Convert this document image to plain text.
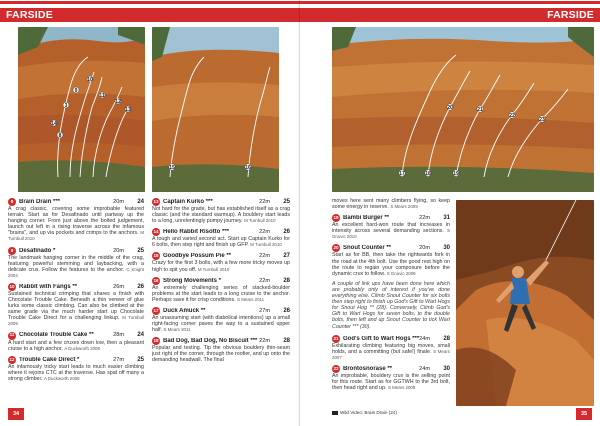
FARSIDE
3
9
10
11
12
13
14
8
15	16
8 Brain Drain ***	20m	24
A crag classic, covering some improbable featured terrain. Start as for Desafinado until partway up the hanging corner. From just above the bolted judgement, launch out left in a rising traverse across the infamous "brains", and up via pockets and crimps to the anchors. M Turnbull 2010
9 Desafinado *	20m	25
The landmark hanging corner in the middle of the crag, featuring powerful stemming and laybacking, with a delicate crux. Follow the features to the anchor. C Knight 2004
10 Rabbit with Fangs **	26m	26
Sustained technical crimping that shares a finish with Chocolate Trouble Cake. Beneath a thin veneer of glue lurks some classic climbing. Can also be climbed at the same grade via the much harder start up Chocolate Trouble Cake Direct for a challenging linkup. M Turnbull 2009
11 Chocolate Trouble Cake **	28m	24
A hard start and a few cruxes down low, then a pleasant cruise to a high anchor. A Duckworth 2008
12 Trouble Cake Direct *	27m	25
An infamously tricky start leads to much easier climbing where it rejoins CTC at the traverse. Has spat off many a strong climber. A Duckworth 2008
13 Captain Kurko ***	22m	25
Not hard for the grade, but has established itself as a crag classic (and the standard warmup). A bouldery start leads to a long, unrelentingly pumpy journey. M Turnbull 2010
14 Hello Rabbit Risotto ***	22m	26
A tough and varied second act. Start up Captain Kurko for 6 bolts, then step right and finish up GFP. M Turnbull 2010
15 Goodbye Possum Pie **	22m	27
Crazy for the first 3 bolts, with a few more tricky moves up high to spit you off. M Turnbull 2010
16 Strong Movements *	22m	28
An extremely challenging series of stacked-boulder problems at the start leads to a long cruise to the anchor. Perhaps save it for crisp conditions. S Mears 2011
17 Duck Amuck **	27m	26
An unassuming start (with diabolical intentions) up a small right-facing corner paves the way to a sustained upper half. S Mears 2011
18 Bad Dog, Bad Dog, No Biscuit *** 22m	28
Popular and testing. Tip the obvious bouldery thin-seam just right of the corner, through the roofier, and up onto the demanding headwall. The final
34
FARSIDE
17	18	19
20	21
22
23
moves here sent many climbers flying, so keep some energy in reserve. S Mears 2009
19 Bambi Burger **	22m	31
An excellent hard-won route that increases in intensity across several demanding sections. S Gnuvic 2010
20 Snout Counter **	20m	30
Start as for BB, then take the rightwards fork in the road at the 4th bolt. Use the good rest high on the route to regain your composure before the dynamic crux to follow. S Gnuvic 2009
A couple of link ups have been done here which are probably only of interest if you've done everything else. Climb Snout Counter for six bolts then step right to finish up God's Gift to Wart Hogs for Snout Hog ** (28). Conversely, Climb God's Gift to Wart Hogs for seven bolts, to the double bolts, then left and up Snout Counter to tick Wart Counter *** (30).
21 God's Gift to Wart Hogs *** 24m	28
Exhilarating climbing featuring big moves, small holds, and a committing (but safe!) finale. S Mears 2007
22 Brontosnorase **	24m	30
An improbable, bouldery crux is the selling point for this route. Start as for GGTWH to the 3rd bolt, then head right and up. S Mears 2009
Wild Video: Brain Drain (24)	35
